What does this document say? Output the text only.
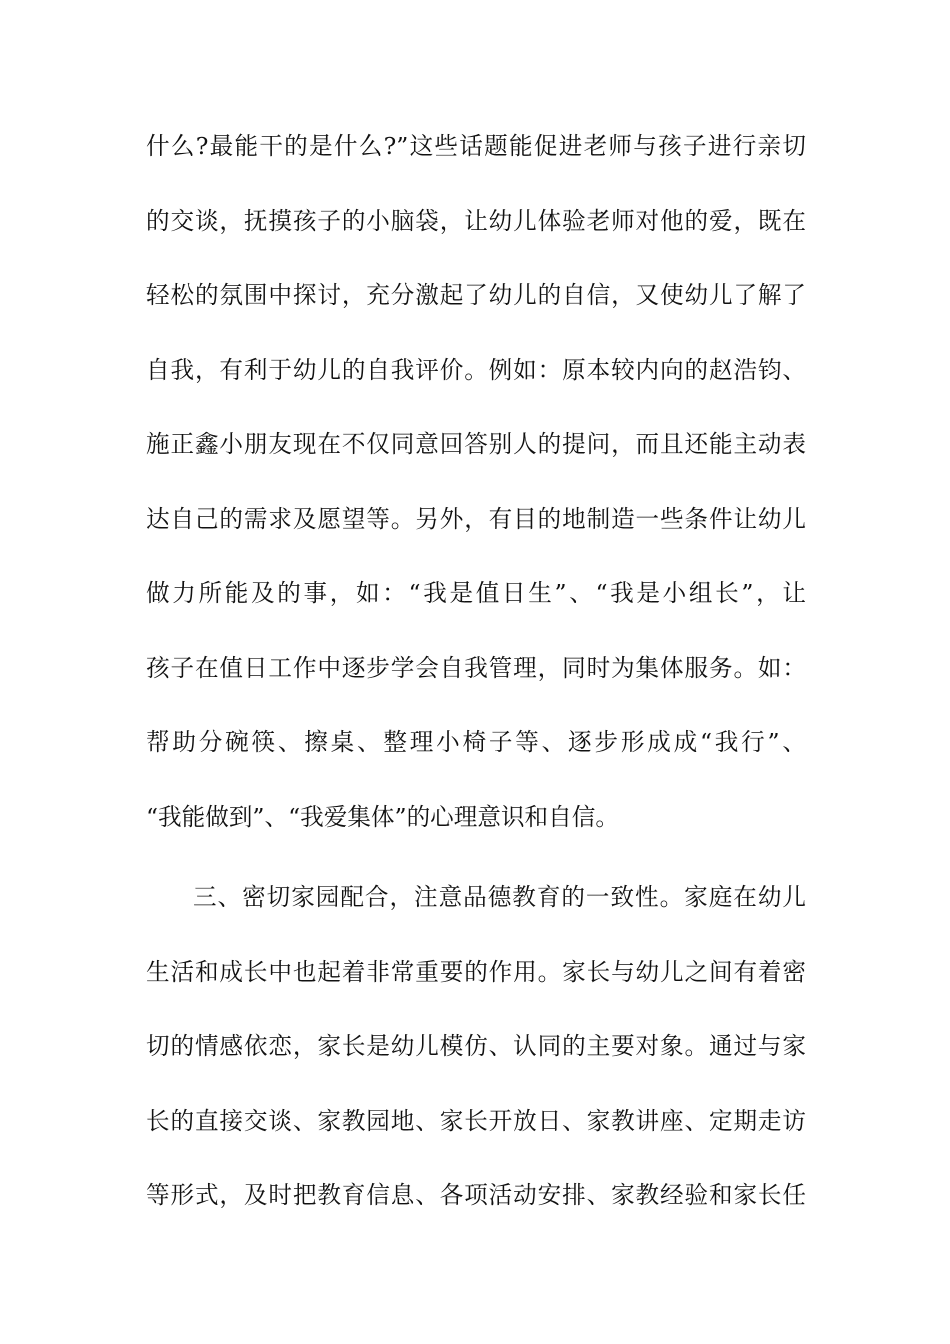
什么?最能干的是什么?”这些话题能促进老师与孩子进行亲切
的交谈，抚摸孩子的小脑袋，让幼儿体验老师对他的爱，既在
轻松的氛围中探讨，充分激起了幼儿的自信，又使幼儿了解了
自我，有利于幼儿的自我评价。例如：原本较内向的赵浩钧、
施正鑫小朋友现在不仅同意回答别人的提问，而且还能主动表
达自己的需求及愿望等。另外，有目的地制造一些条件让幼儿
做力所能及的事，如：“我是值日生”、“我是小组长”，让
孩子在值日工作中逐步学会自我管理，同时为集体服务。如：
帮助分碗筷、擦桌、整理小椅子等、逐步形成成“我行”、
“我能做到”、“我爱集体”的心理意识和自信。
三、密切家园配合，注意品德教育的一致性。家庭在幼儿
生活和成长中也起着非常重要的作用。家长与幼儿之间有着密
切的情感依恋，家长是幼儿模仿、认同的主要对象。通过与家
长的直接交谈、家教园地、家长开放日、家教讲座、定期走访
等形式，及时把教育信息、各项活动安排、家教经验和家长任
